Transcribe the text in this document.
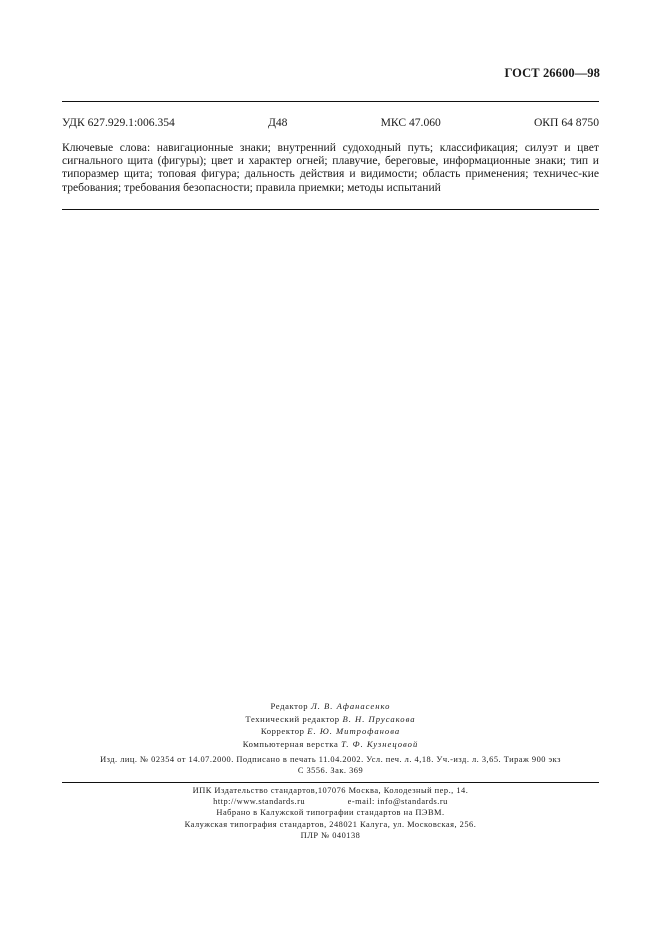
ГОСТ 26600—98
УДК 627.929.1:006.354	Д48	МКС 47.060	ОКП 64 8750
Ключевые слова: навигационные знаки; внутренний судоходный путь; классификация; силуэт и цвет сигнального щита (фигуры); цвет и характер огней; плавучие, береговые, информационные знаки; тип и типоразмер щита; топовая фигура; дальность действия и видимости; область применения; техничес-кие требования; требования безопасности; правила приемки; методы испытаний
Редактор Л. В. Афанасенко
Технический редактор В. Н. Прусакова
Корректор Е. Ю. Митрофанова
Компьютерная верстка Т. Ф. Кузнецовой
Изд. лиц. № 02354 от 14.07.2000. Подписано в печать 11.04.2002. Усл. печ. л. 4,18. Уч.-изд. л. 3,65. Тираж 900 экз
С 3556. Зак. 369
ИПК Издательство стандартов,107076 Москва, Колодезный пер., 14.
http://www.standards.ru	e-mail: info@standards.ru
Набрано в Калужской типографии стандартов на ПЭВМ.
Калужская типография стандартов, 248021 Калуга, ул. Московская, 256.
ПЛР № 040138
